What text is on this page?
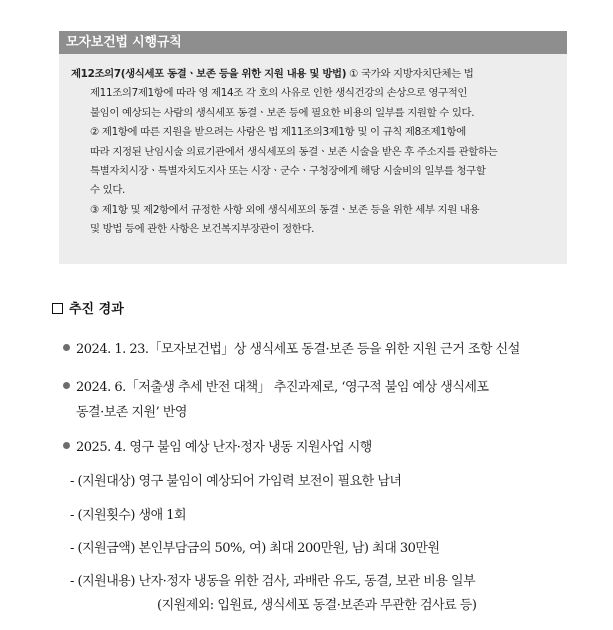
모자보건법 시행규칙

제12조의7(생식세포 동결ㆍ보존 등을 위한 지원 내용 및 방법) ① 국가와 지방자치단체는 법

제11조의7제1항에 따라 영 제14조 각 호의 사유로 인한 생식건강의 손상으로 영구적인

불임이 예상되는 사람의 생식세포 동결ㆍ보존 등에 필요한 비용의 일부를 지원할 수 있다.

② 제1항에 따른 지원을 받으려는 사람은 법 제11조의3제1항 및 이 규칙 제8조제1항에

따라 지정된 난임시술 의료기관에서 생식세포의 동결ㆍ보존 시술을 받은 후 주소지를 관할하는

특별자치시장ㆍ특별자치도지사 또는 시장ㆍ군수ㆍ구청장에게 해당 시술비의 일부를 청구할

수 있다.

③ 제1항 및 제2항에서 규정한 사항 외에 생식세포의 동결ㆍ보존 등을 위한 세부 지원 내용

및 방법 등에 관한 사항은 보건복지부장관이 정한다.

추진 경과
2024. 1. 23.「모자보건법」상 생식세포 동결·보존 등을 위한 지원 근거 조항 신설
2024. 6.「저출생 추세 반전 대책」 추진과제로, ‘영구적 불임 예상 생식세포
동결·보존 지원’ 반영
2025. 4. 영구 불임 예상 난자·정자 냉동 지원사업 시행
- (지원대상) 영구 불임이 예상되어 가임력 보전이 필요한 남녀
- (지원횟수) 생애 1회
- (지원금액) 본인부담금의 50%, 여) 최대 200만원, 남) 최대 30만원
- (지원내용) 난자·정자 냉동을 위한 검사, 과배란 유도, 동결, 보관 비용 일부
(지원제외: 입원료, 생식세포 동결·보존과 무관한 검사료 등)
